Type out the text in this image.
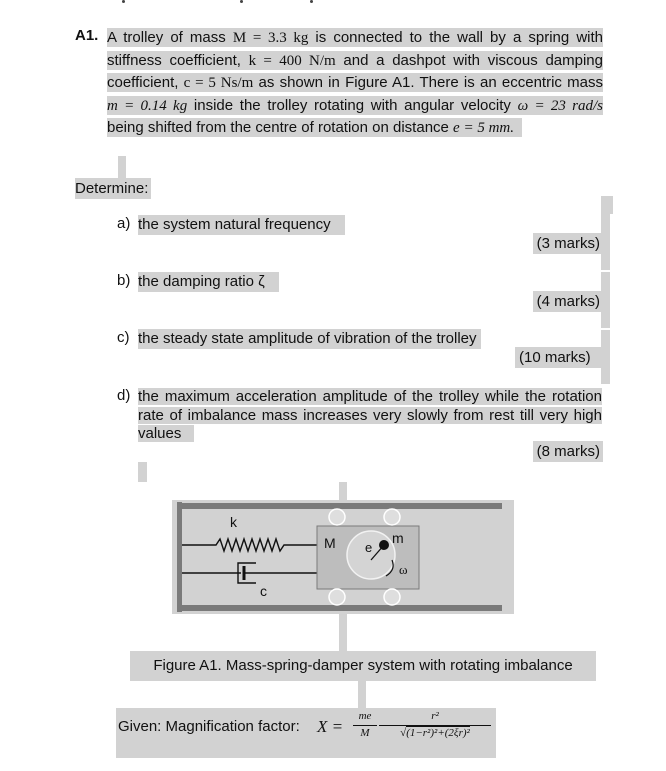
A1. A trolley of mass M = 3.3 kg is connected to the wall by a spring with stiffness coefficient, k = 400 N/m and a dashpot with viscous damping coefficient, c = 5 Ns/m as shown in Figure A1. There is an eccentric mass m = 0.14 kg inside the trolley rotating with angular velocity ω = 23 rad/s being shifted from the centre of rotation on distance e = 5 mm.
Determine:
a) the system natural frequency
(3 marks)
b) the damping ratio ζ
(4 marks)
c) the steady state amplitude of vibration of the trolley
(10 marks)
d) the maximum acceleration amplitude of the trolley while the rotation rate of imbalance mass increases very slowly from rest till very high values
(8 marks)
k
c
M e
m
ω
Figure A1. Mass-spring-damper system with rotating imbalance
Given: Magnification factor: X =
me
M
r²
√(1−r²)²+(2ξr)²
